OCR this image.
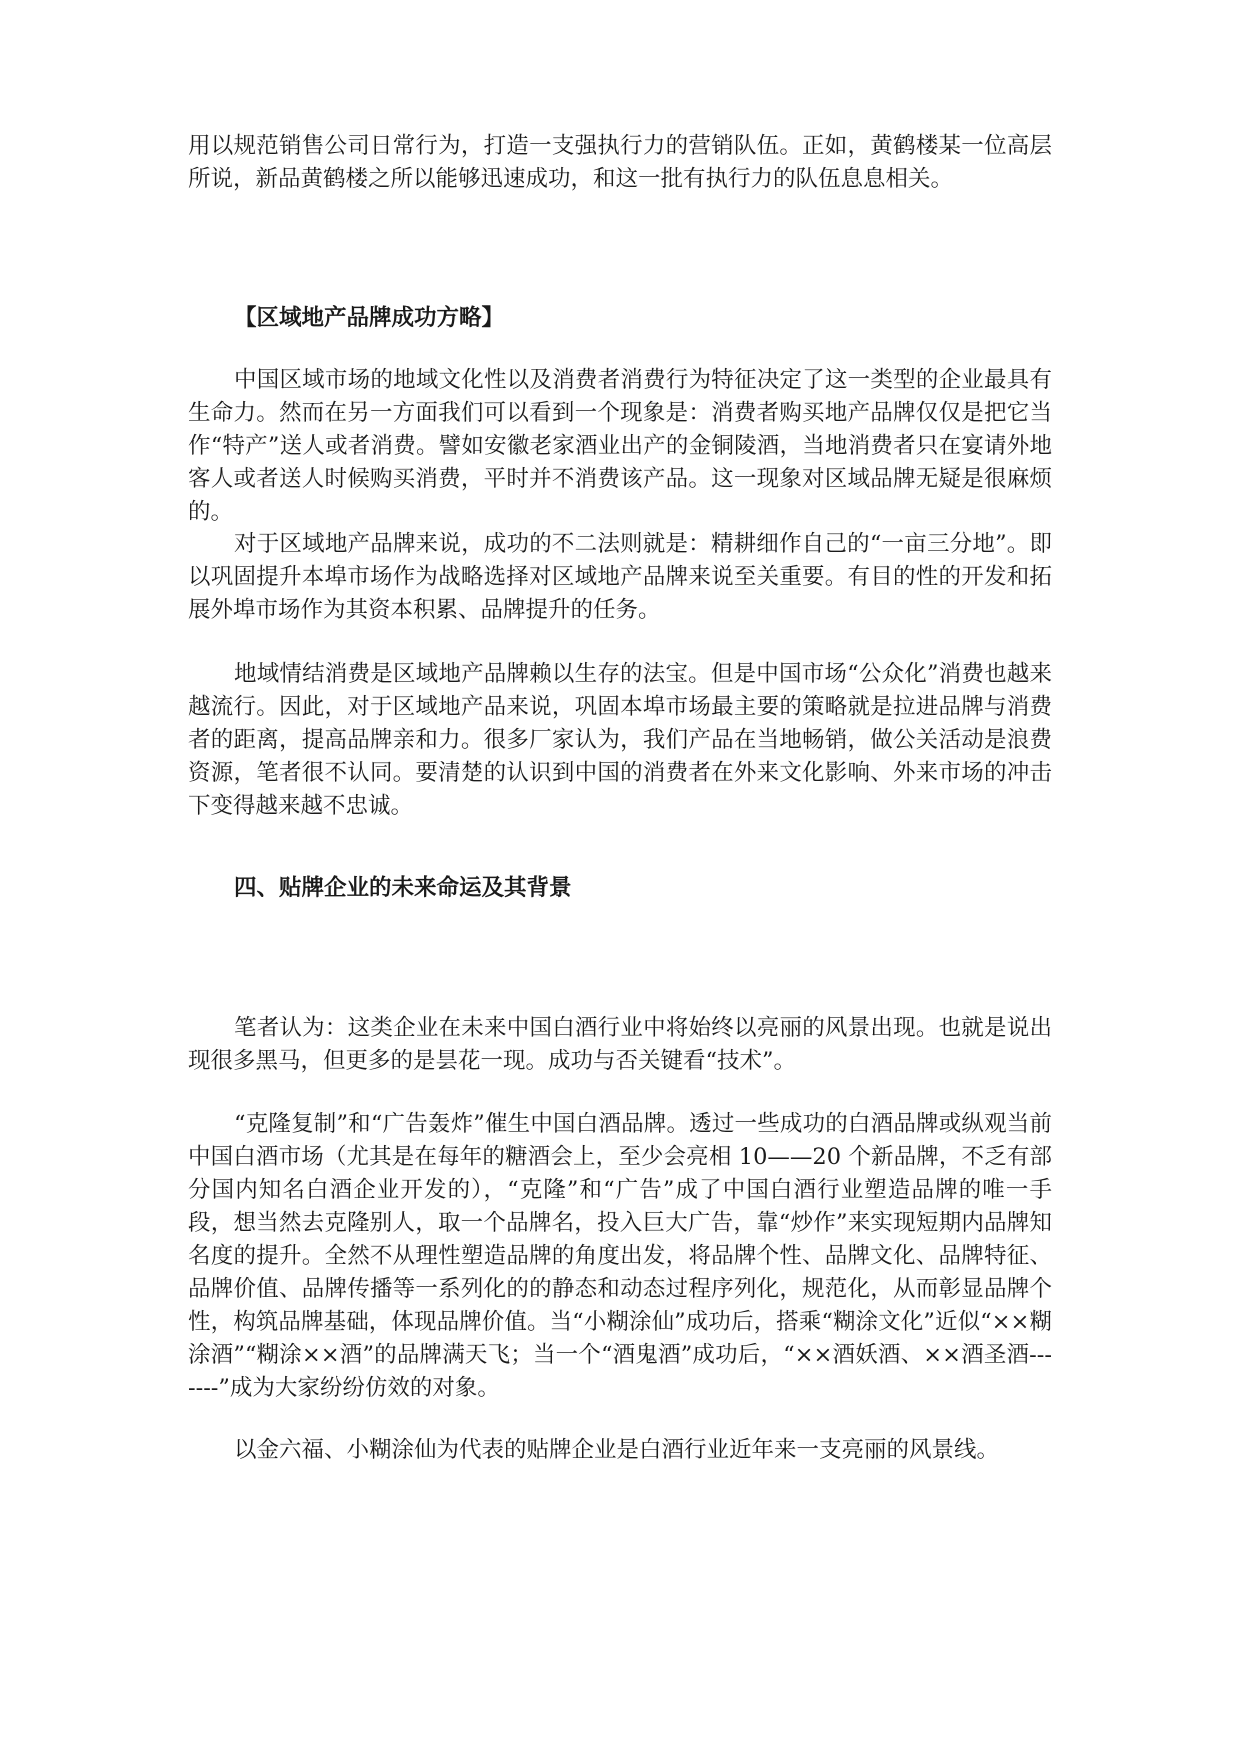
用以规范销售公司日常行为，打造一支强执行力的营销队伍。正如，黄鹤楼某一位高层所说，新品黄鹤楼之所以能够迅速成功，和这一批有执行力的队伍息息相关。

【区域地产品牌成功方略】

中国区域市场的地域文化性以及消费者消费行为特征决定了这一类型的企业最具有生命力。然而在另一方面我们可以看到一个现象是：消费者购买地产品牌仅仅是把它当作“特产”送人或者消费。譬如安徽老家酒业出产的金铜陵酒，当地消费者只在宴请外地客人或者送人时候购买消费，平时并不消费该产品。这一现象对区域品牌无疑是很麻烦的。

对于区域地产品牌来说，成功的不二法则就是：精耕细作自己的“一亩三分地”。即以巩固提升本埠市场作为战略选择对区域地产品牌来说至关重要。有目的性的开发和拓展外埠市场作为其资本积累、品牌提升的任务。

地域情结消费是区域地产品牌赖以生存的法宝。但是中国市场“公众化”消费也越来越流行。因此，对于区域地产品来说，巩固本埠市场最主要的策略就是拉进品牌与消费者的距离，提高品牌亲和力。很多厂家认为，我们产品在当地畅销，做公关活动是浪费资源，笔者很不认同。要清楚的认识到中国的消费者在外来文化影响、外来市场的冲击下变得越来越不忠诚。

四、贴牌企业的未来命运及其背景

笔者认为：这类企业在未来中国白酒行业中将始终以亮丽的风景出现。也就是说出现很多黑马，但更多的是昙花一现。成功与否关键看“技术”。

“克隆复制”和“广告轰炸”催生中国白酒品牌。透过一些成功的白酒品牌或纵观当前中国白酒市场（尤其是在每年的糖酒会上，至少会亮相 10——20 个新品牌，不乏有部分国内知名白酒企业开发的），“克隆”和“广告”成了中国白酒行业塑造品牌的唯一手段，想当然去克隆别人，取一个品牌名，投入巨大广告，靠“炒作”来实现短期内品牌知名度的提升。全然不从理性塑造品牌的角度出发，将品牌个性、品牌文化、品牌特征、品牌价值、品牌传播等一系列化的的静态和动态过程序列化，规范化，从而彰显品牌个性，构筑品牌基础，体现品牌价值。当“小糊涂仙”成功后，搭乘“糊涂文化”近似“××糊涂酒”“糊涂××酒”的品牌满天飞；当一个“酒鬼酒”成功后，“××酒妖酒、××酒圣酒-------”成为大家纷纷仿效的对象。

以金六福、小糊涂仙为代表的贴牌企业是白酒行业近年来一支亮丽的风景线。
